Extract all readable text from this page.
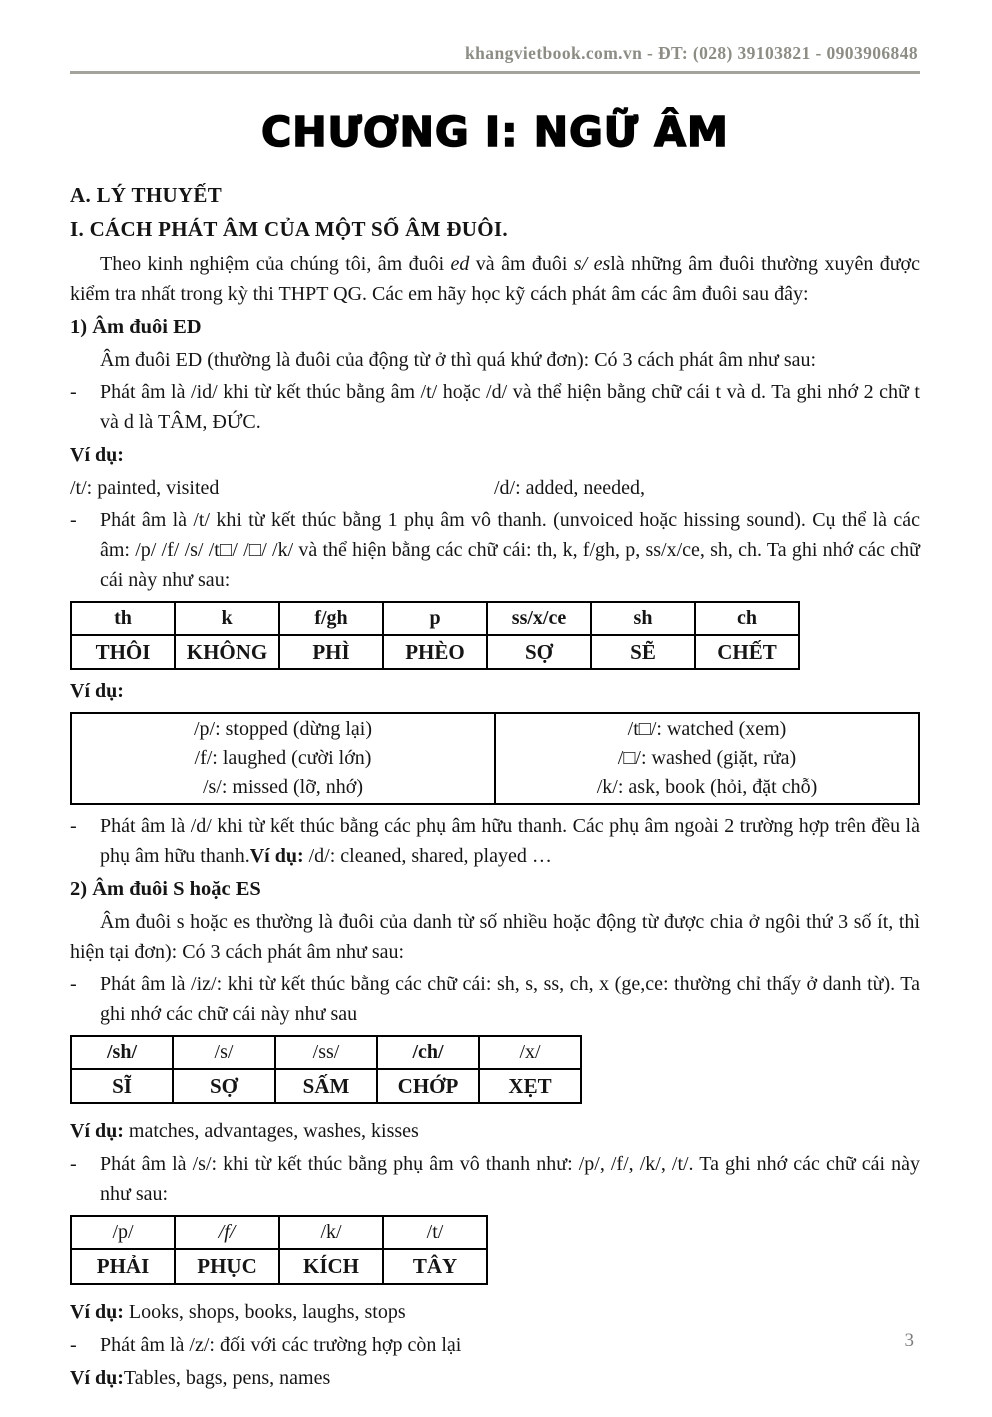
khangvietbook.com.vn - ĐT: (028) 39103821 - 0903906848
CHƯƠNG I: NGỮ ÂM
A. LÝ THUYẾT
I. CÁCH PHÁT ÂM CỦA MỘT SỐ ÂM ĐUÔI.

Theo kinh nghiệm của chúng tôi, âm đuôi ed và âm đuôi s/ eslà những âm đuôi thường xuyên được kiểm tra nhất trong kỳ thi THPT QG. Các em hãy học kỹ cách phát âm các âm đuôi sau đây:

1) Âm đuôi ED

Âm đuôi ED (thường là đuôi của động từ ở thì quá khứ đơn): Có 3 cách phát âm như sau:

-	Phát âm là /id/ khi từ kết thúc bằng âm /t/ hoặc /d/ và thể hiện bằng chữ cái t và d. Ta ghi nhớ 2 chữ t và d là TÂM, ĐỨC.
Ví dụ:
/t/: painted, visited	/d/: added, needed,
-	Phát âm là /t/ khi từ kết thúc bằng 1 phụ âm vô thanh. (unvoiced hoặc hissing sound). Cụ thể là các âm: /p/ /f/ /s/ /t□/ /□/ /k/ và thể hiện bằng các chữ cái: th, k, f/gh, p, ss/x/ce, sh, ch. Ta ghi nhớ các chữ cái này như sau:
th	k	f/gh	p	ss/x/ce	sh	ch
THÔI	KHÔNG	PHÌ	PHÈO	SỢ	SẼ	CHẾT
Ví dụ:
/p/: stopped (dừng lại)
/f/: laughed (cười lớn)
/s/: missed (lỡ, nhớ)

/t□/: watched (xem)
/□/: washed (giặt, rửa)
/k/: ask, book (hỏi, đặt chỗ)
-	Phát âm là /d/ khi từ kết thúc bằng các phụ âm hữu thanh. Các phụ âm ngoài 2 trường hợp trên đều là phụ âm hữu thanh.Ví dụ: /d/: cleaned, shared, played …
2) Âm đuôi S hoặc ES

Âm đuôi s hoặc es thường là đuôi của danh từ số nhiều hoặc động từ được chia ở ngôi thứ 3 số ít, thì hiện tại đơn): Có 3 cách phát âm như sau:

-	Phát âm là /iz/: khi từ kết thúc bằng các chữ cái: sh, s, ss, ch, x (ge,ce: thường chỉ thấy ở danh từ). Ta ghi nhớ các chữ cái này như sau
/sh/	/s/	/ss/	/ch/	/x/
SĨ	SỢ	SẤM	CHỚP	XẸT
Ví dụ: matches, advantages, washes, kisses
-	Phát âm là /s/: khi từ kết thúc bằng phụ âm vô thanh như: /p/, /f/, /k/, /t/. Ta ghi nhớ các chữ cái này như sau:
/p/	/f/	/k/	/t/
PHẢI	PHỤC	KÍCH	TÂY
Ví dụ: Looks, shops, books, laughs, stops
-	Phát âm là /z/: đối với các trường hợp còn lại
Ví dụ:Tables, bags, pens, names
3
